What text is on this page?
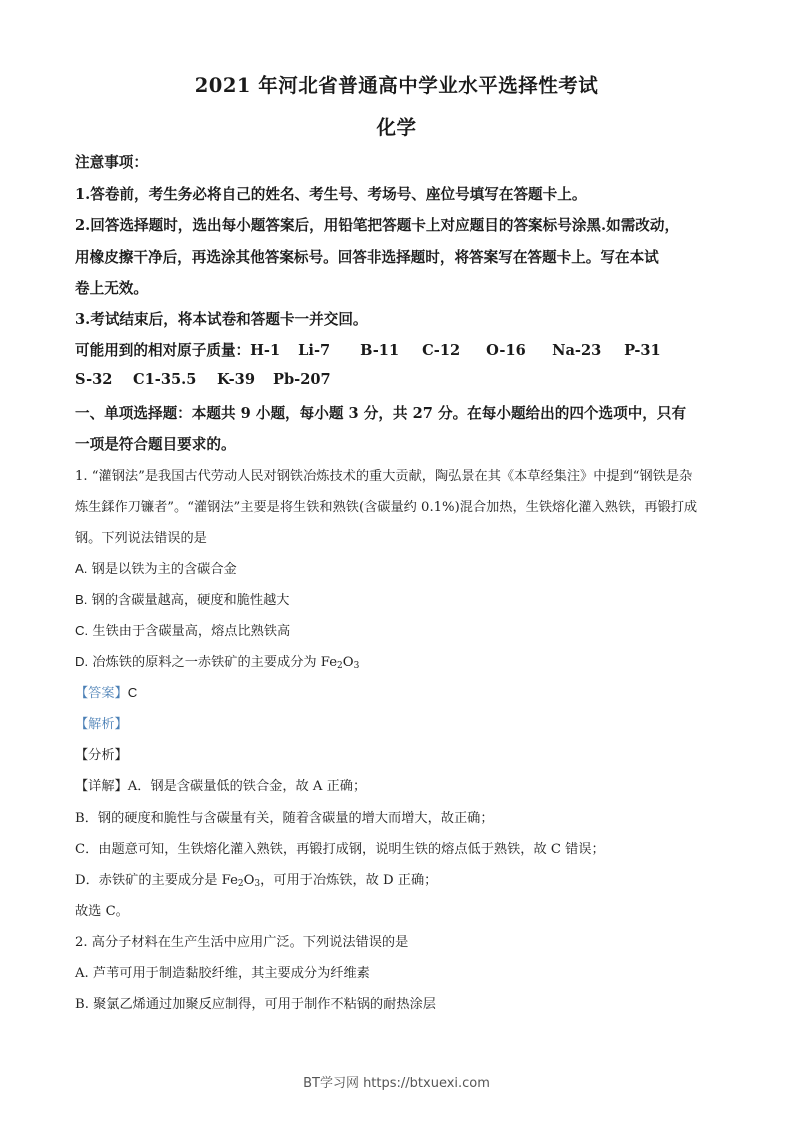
2021 年河北省普通高中学业水平选择性考试
化学
注意事项：
1.答卷前，考生务必将自己的姓名、考生号、考场号、座位号填写在答题卡上。
2.回答选择题时，选出每小题答案后，用铅笔把答题卡上对应题目的答案标号涂黑.如需改动，
用橡皮擦干净后，再选涂其他答案标号。回答非选择题时，将答案写在答题卡上。写在本试
卷上无效。
3.考试结束后，将本试卷和答题卡一并交回。
可能用到的相对原子质量：H-1 Li-7 B-11 C-12 O-16 Na-23 P-31
S-32 C1-35.5 K-39 Pb-207
一、单项选择题：本题共 9 小题，每小题 3 分，共 27 分。在每小题给出的四个选项中，只有
一项是符合题目要求的。
1. “灌钢法”是我国古代劳动人民对钢铁冶炼技术的重大贡献，陶弘景在其《本草经集注》中提到“钢铁是杂
炼生鍒作刀镰者”。“灌钢法”主要是将生铁和熟铁(含碳量约 0.1%)混合加热，生铁熔化灌入熟铁，再锻打成
钢。下列说法错误的是
A. 钢是以铁为主的含碳合金
B. 钢的含碳量越高，硬度和脆性越大
C. 生铁由于含碳量高，熔点比熟铁高
D. 冶炼铁的原料之一赤铁矿的主要成分为 $Fe_2O_3$
【答案】C
【解析】
【分析】
【详解】A．钢是含碳量低的铁合金，故 A 正确；
B．钢的硬度和脆性与含碳量有关，随着含碳量的增大而增大，故正确；
C．由题意可知，生铁熔化灌入熟铁，再锻打成钢，说明生铁的熔点低于熟铁，故 C 错误；
D．赤铁矿的主要成分是 $Fe_2O_3$，可用于冶炼铁，故 D 正确；
故选 C。
2. 高分子材料在生产生活中应用广泛。下列说法错误的是
A. 芦苇可用于制造黏胶纤维，其主要成分为纤维素
B. 聚氯乙烯通过加聚反应制得，可用于制作不粘锅的耐热涂层
BT学习网 https://btxuexi.com
